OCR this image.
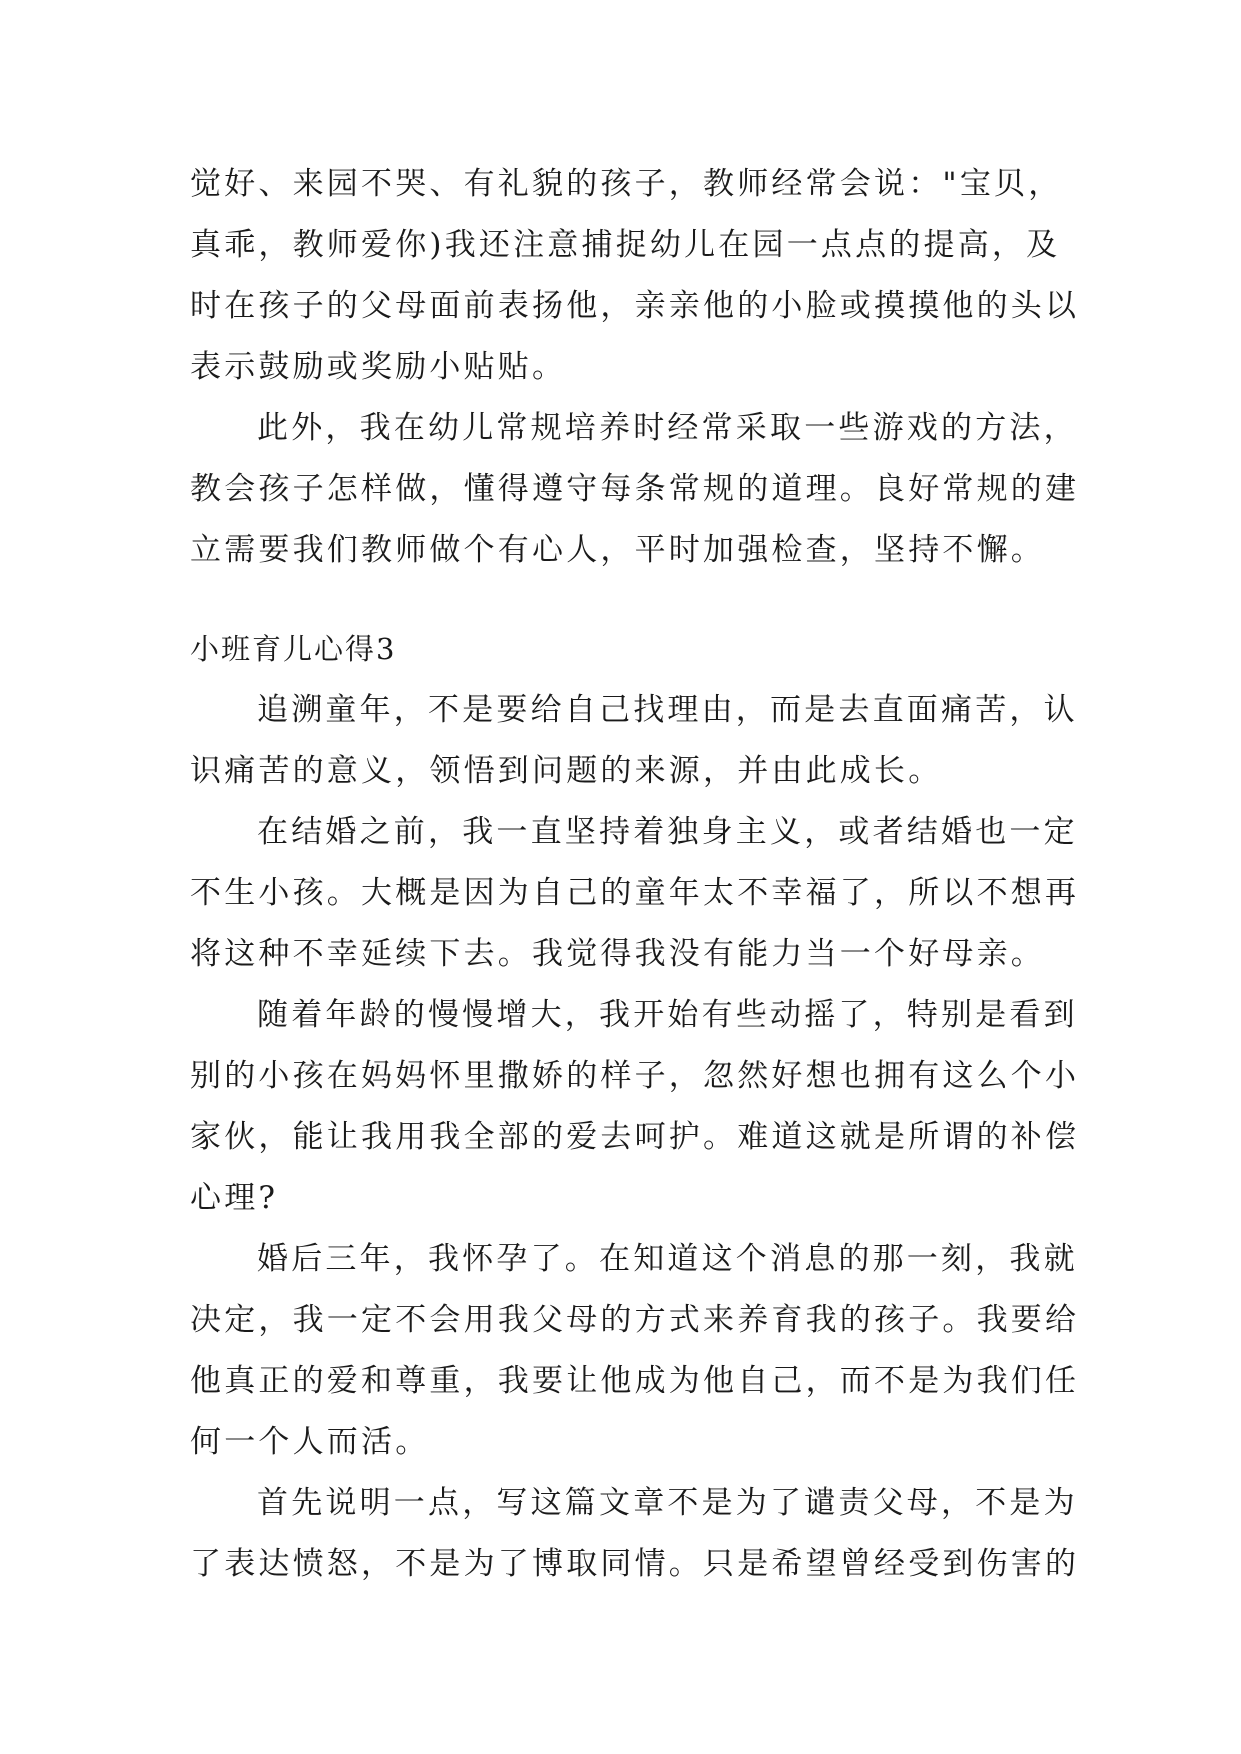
觉好、来园不哭、有礼貌的孩子，教师经常会说："宝贝，
真乖，教师爱你)我还注意捕捉幼儿在园一点点的提高，及
时在孩子的父母面前表扬他，亲亲他的小脸或摸摸他的头以
表示鼓励或奖励小贴贴。
此外，我在幼儿常规培养时经常采取一些游戏的方法，
教会孩子怎样做，懂得遵守每条常规的道理。良好常规的建
立需要我们教师做个有心人，平时加强检查，坚持不懈。
小班育儿心得3
追溯童年，不是要给自己找理由，而是去直面痛苦，认
识痛苦的意义，领悟到问题的来源，并由此成长。
在结婚之前，我一直坚持着独身主义，或者结婚也一定
不生小孩。大概是因为自己的童年太不幸福了，所以不想再
将这种不幸延续下去。我觉得我没有能力当一个好母亲。
随着年龄的慢慢增大，我开始有些动摇了，特别是看到
别的小孩在妈妈怀里撒娇的样子，忽然好想也拥有这么个小
家伙，能让我用我全部的爱去呵护。难道这就是所谓的补偿
心理?
婚后三年，我怀孕了。在知道这个消息的那一刻，我就
决定，我一定不会用我父母的方式来养育我的孩子。我要给
他真正的爱和尊重，我要让他成为他自己，而不是为我们任
何一个人而活。
首先说明一点，写这篇文章不是为了谴责父母，不是为
了表达愤怒，不是为了博取同情。只是希望曾经受到伤害的
